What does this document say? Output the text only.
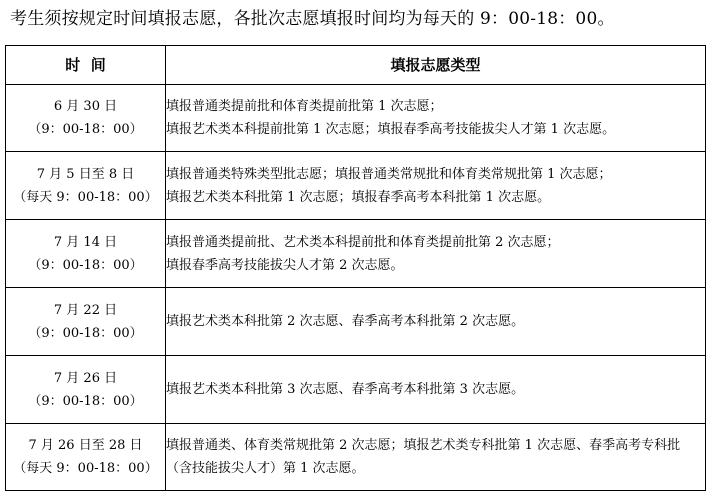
考生须按规定时间填报志愿，各批次志愿填报时间均为每天的 9：00-18：00。
时  间	填报志愿类型

6 月 30 日
（9：00-18：00）	填报普通类提前批和体育类提前批第 1 次志愿；
填报艺术类本科提前批第 1 次志愿；填报春季高考技能拔尖人才第 1 次志愿。

7 月 5 日至 8 日
（每天 9：00-18：00）	填报普通类特殊类型批志愿；填报普通类常规批和体育类常规批第 1 次志愿；
填报艺术类本科批第 1 次志愿；填报春季高考本科批第 1 次志愿。

7 月 14 日
（9：00-18：00）	填报普通类提前批、艺术类本科提前批和体育类提前批第 2 次志愿；
填报春季高考技能拔尖人才第 2 次志愿。

7 月 22 日
（9：00-18：00）	填报艺术类本科批第 2 次志愿、春季高考本科批第 2 次志愿。

7 月 26 日
（9：00-18：00）	填报艺术类本科批第 3 次志愿、春季高考本科批第 3 次志愿。

7 月 26 日至 28 日
（每天 9：00-18：00）	填报普通类、体育类常规批第 2 次志愿；填报艺术类专科批第 1 次志愿、春季高考专科批（含技能拔尖人才）第 1 次志愿。
